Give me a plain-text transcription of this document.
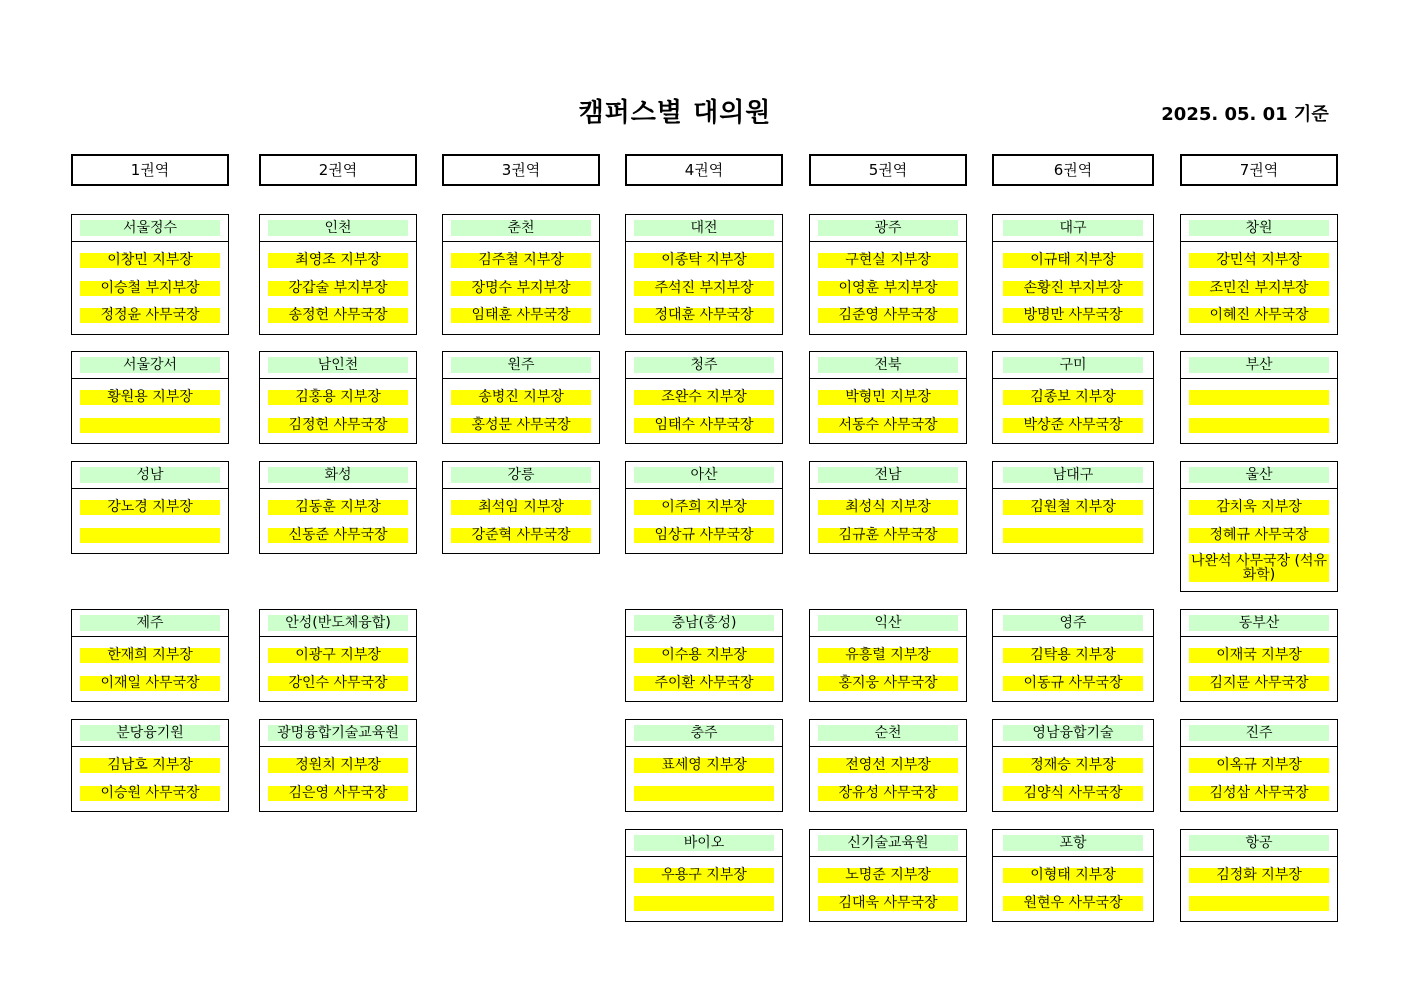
캠퍼스별 대의원	2025. 05. 01 기준
1권역
서울정수
이창민 지부장
이승철 부지부장
정정윤 사무국장
서울강서
황원용 지부장
성남
강노경 지부장
제주
한재희 지부장
이재일 사무국장
분당융기원
김남호 지부장
이승원 사무국장
2권역
인천
최영조 지부장
강갑술 부지부장
송정헌 사무국장
남인천
김홍용 지부장
김정헌 사무국장
화성
김동훈 지부장
신동준 사무국장
안성(반도체융합)
이광구 지부장
강인수 사무국장
광명융합기술교육원
정원치 지부장
김은영 사무국장
3권역
춘천
김주철 지부장
장명수 부지부장
임태훈 사무국장
원주
송병진 지부장
홍성문 사무국장
강릉
최석임 지부장
강준혁 사무국장
4권역
대전
이종탁 지부장
주석진 부지부장
정대훈 사무국장
청주
조완수 지부장
임태수 사무국장
아산
이주희 지부장
임상규 사무국장
충남(홍성)
이수용 지부장
주이환 사무국장
충주
표세영 지부장
바이오
우용구 지부장
5권역
광주
구현실 지부장
이영훈 부지부장
김준영 사무국장
전북
박형민 지부장
서동수 사무국장
전남
최성식 지부장
김규훈 사무국장
익산
유흥렬 지부장
홍지웅 사무국장
순천
전영선 지부장
장유성 사무국장
신기술교육원
노명준 지부장
김대욱 사무국장
6권역
대구
이규태 지부장
손황진 부지부장
방명만 사무국장
구미
김종보 지부장
박상준 사무국장
남대구
김원철 지부장
영주
김탁용 지부장
이동규 사무국장
영남융합기술
정재승 지부장
김양식 사무국장
포항
이형태 지부장
원현우 사무국장
7권역
창원
강민석 지부장
조민진 부지부장
이혜진 사무국장
부산
울산
감치욱 지부장
정혜규 사무국장
나완석 사무국장 (석유화학)
동부산
이재국 지부장
김지문 사무국장
진주
이옥규 지부장
김성삼 사무국장
항공
김정화 지부장
